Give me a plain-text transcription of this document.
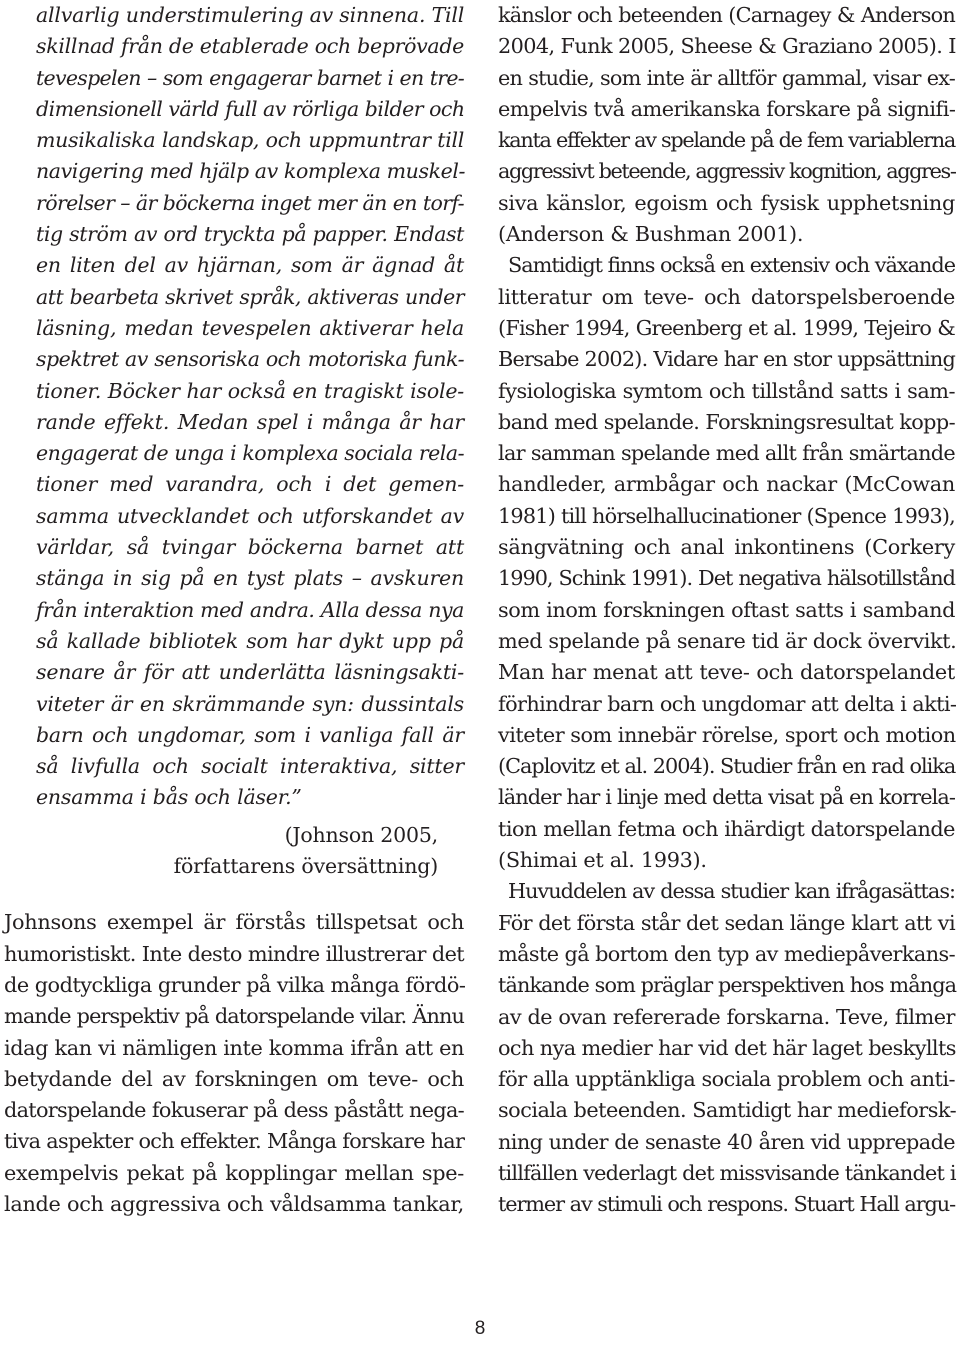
allvarlig understimulering av sinnena. Till
skillnad från de etablerade och beprövade
tevespelen – som engagerar barnet i en tre-
dimensionell värld full av rörliga bilder och
musikaliska landskap, och uppmuntrar till
navigering med hjälp av komplexa muskel-
rörelser – är böckerna inget mer än en torf-
tig ström av ord tryckta på papper. Endast
en liten del av hjärnan, som är ägnad åt
att bearbeta skrivet språk, aktiveras under
läsning, medan tevespelen aktiverar hela
spektret av sensoriska och motoriska funk-
tioner. Böcker har också en tragiskt isole-
rande effekt. Medan spel i många år har
engagerat de unga i komplexa sociala rela-
tioner med varandra, och i det gemen-
samma utvecklandet och utforskandet av
världar, så tvingar böckerna barnet att
stänga in sig på en tyst plats – avskuren
från interaktion med andra. Alla dessa nya
så kallade bibliotek som har dykt upp på
senare år för att underlätta läsningsakti-
viteter är en skrämmande syn: dussintals
barn och ungdomar, som i vanliga fall är
så livfulla och socialt interaktiva, sitter
ensamma i bås och läser.”
(Johnson 2005,
författarens översättning)
Johnsons exempel är förstås tillspetsat och
humoristiskt. Inte desto mindre illustrerar det
de godtyckliga grunder på vilka många fördö-
mande perspektiv på datorspelande vilar. Ännu
idag kan vi nämligen inte komma ifrån att en
betydande del av forskningen om teve- och
datorspelande fokuserar på dess påstått nega-
tiva aspekter och effekter. Många forskare har
exempelvis pekat på kopplingar mellan spe-
lande och aggressiva och våldsamma tankar,
känslor och beteenden (Carnagey & Anderson
2004, Funk 2005, Sheese & Graziano 2005). I
en studie, som inte är alltför gammal, visar ex-
empelvis två amerikanska forskare på signifi-
kanta effekter av spelande på de fem variablerna
aggressivt beteende, aggressiv kognition, aggres-
siva känslor, egoism och fysisk upphetsning
(Anderson & Bushman 2001).
Samtidigt finns också en extensiv och växande
litteratur om teve- och datorspelsberoende
(Fisher 1994, Greenberg et al. 1999, Tejeiro &
Bersabe 2002). Vidare har en stor uppsättning
fysiologiska symtom och tillstånd satts i sam-
band med spelande. Forskningsresultat kopp-
lar samman spelande med allt från smärtande
handleder, armbågar och nackar (McCowan
1981) till hörselhallucinationer (Spence 1993),
sängvätning och anal inkontinens (Corkery
1990, Schink 1991). Det negativa hälsotillstånd
som inom forskningen oftast satts i samband
med spelande på senare tid är dock övervikt.
Man har menat att teve- och datorspelandet
förhindrar barn och ungdomar att delta i akti-
viteter som innebär rörelse, sport och motion
(Caplovitz et al. 2004). Studier från en rad olika
länder har i linje med detta visat på en korrela-
tion mellan fetma och ihärdigt datorspelande
(Shimai et al. 1993).
Huvuddelen av dessa studier kan ifrågasättas:
För det första står det sedan länge klart att vi
måste gå bortom den typ av mediepåverkans-
tänkande som präglar perspektiven hos många
av de ovan refererade forskarna. Teve, filmer
och nya medier har vid det här laget beskyllts
för alla upptänkliga sociala problem och anti-
sociala beteenden. Samtidigt har medieforsk-
ning under de senaste 40 åren vid upprepade
tillfällen vederlagt det missvisande tänkandet i
termer av stimuli och respons. Stuart Hall argu-
8
